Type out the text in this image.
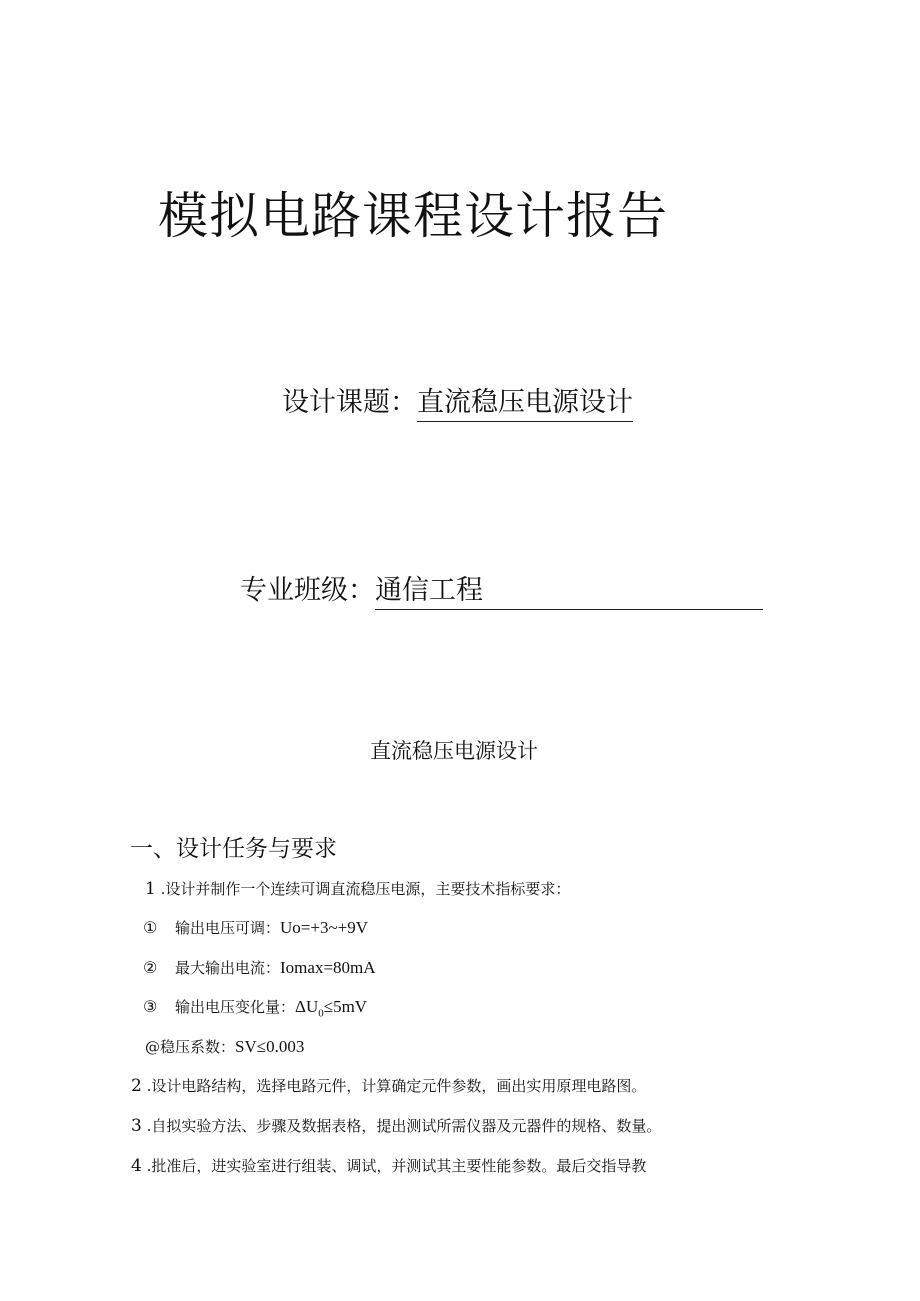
模拟电路课程设计报告
设计课题：直流稳压电源设计
专业班级：通信工程
直流稳压电源设计
一、设计任务与要求
1 .设计并制作一个连续可调直流稳压电源，主要技术指标要求：
① 输出电压可调：Uo=+3~+9V
② 最大输出电流：Iomax=80mA
③ 输出电压变化量：$\Delta U_0\le 5mV$
@稳压系数：SV≤0.003
2 .设计电路结构，选择电路元件，计算确定元件参数，画出实用原理电路图。
3 .自拟实验方法、步骤及数据表格，提出测试所需仪器及元器件的规格、数量。
4 .批准后，进实验室进行组装、调试，并测试其主要性能参数。最后交指导教
